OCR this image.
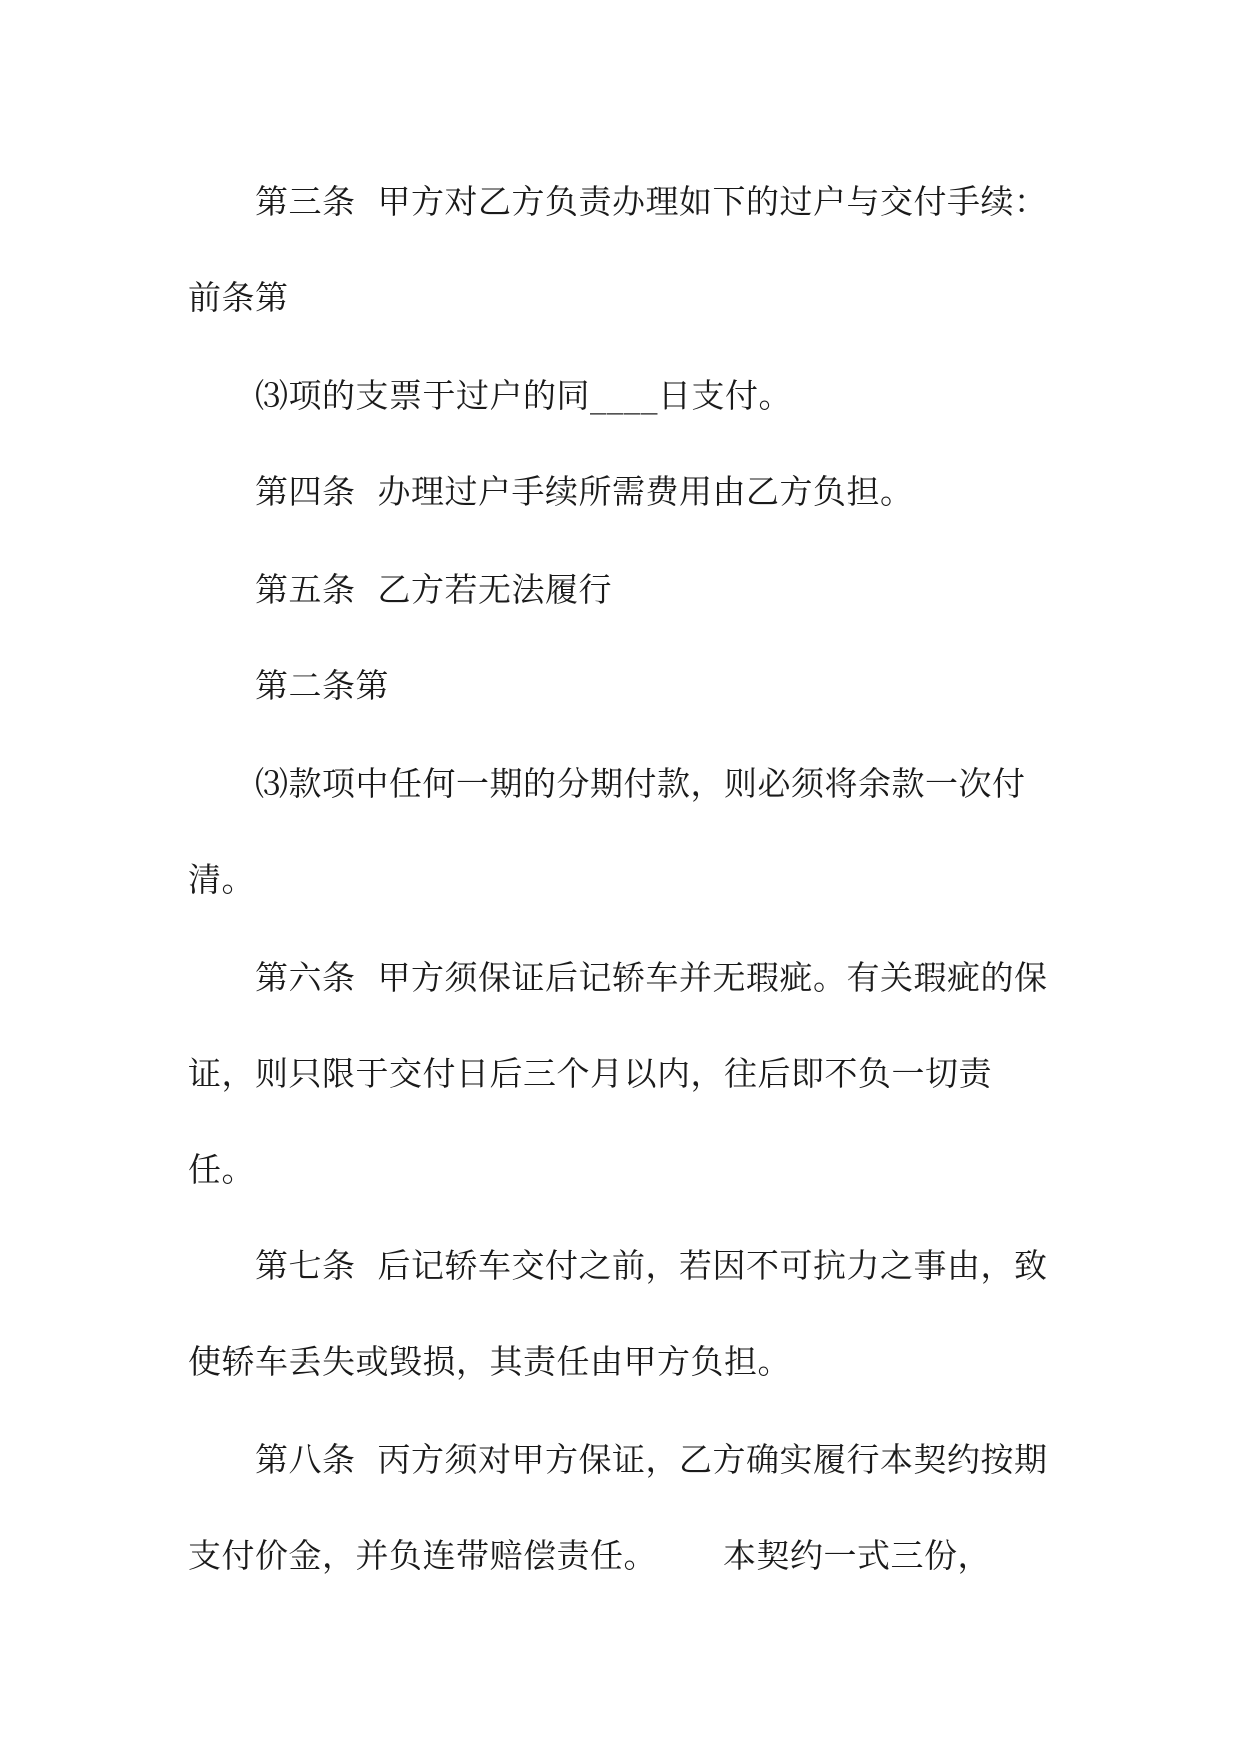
第三条  甲方对乙方负责办理如下的过户与交付手续：
前条第
⑶项的支票于过户的同____日支付。
第四条  办理过户手续所需费用由乙方负担。
第五条  乙方若无法履行
第二条第
⑶款项中任何一期的分期付款，则必须将余款一次付
清。
第六条  甲方须保证后记轿车并无瑕疵。有关瑕疵的保
证，则只限于交付日后三个月以内，往后即不负一切责
任。
第七条  后记轿车交付之前，若因不可抗力之事由，致
使轿车丢失或毁损，其责任由甲方负担。
第八条  丙方须对甲方保证，乙方确实履行本契约按期
支付价金，并负连带赔偿责任。      本契约一式三份，
